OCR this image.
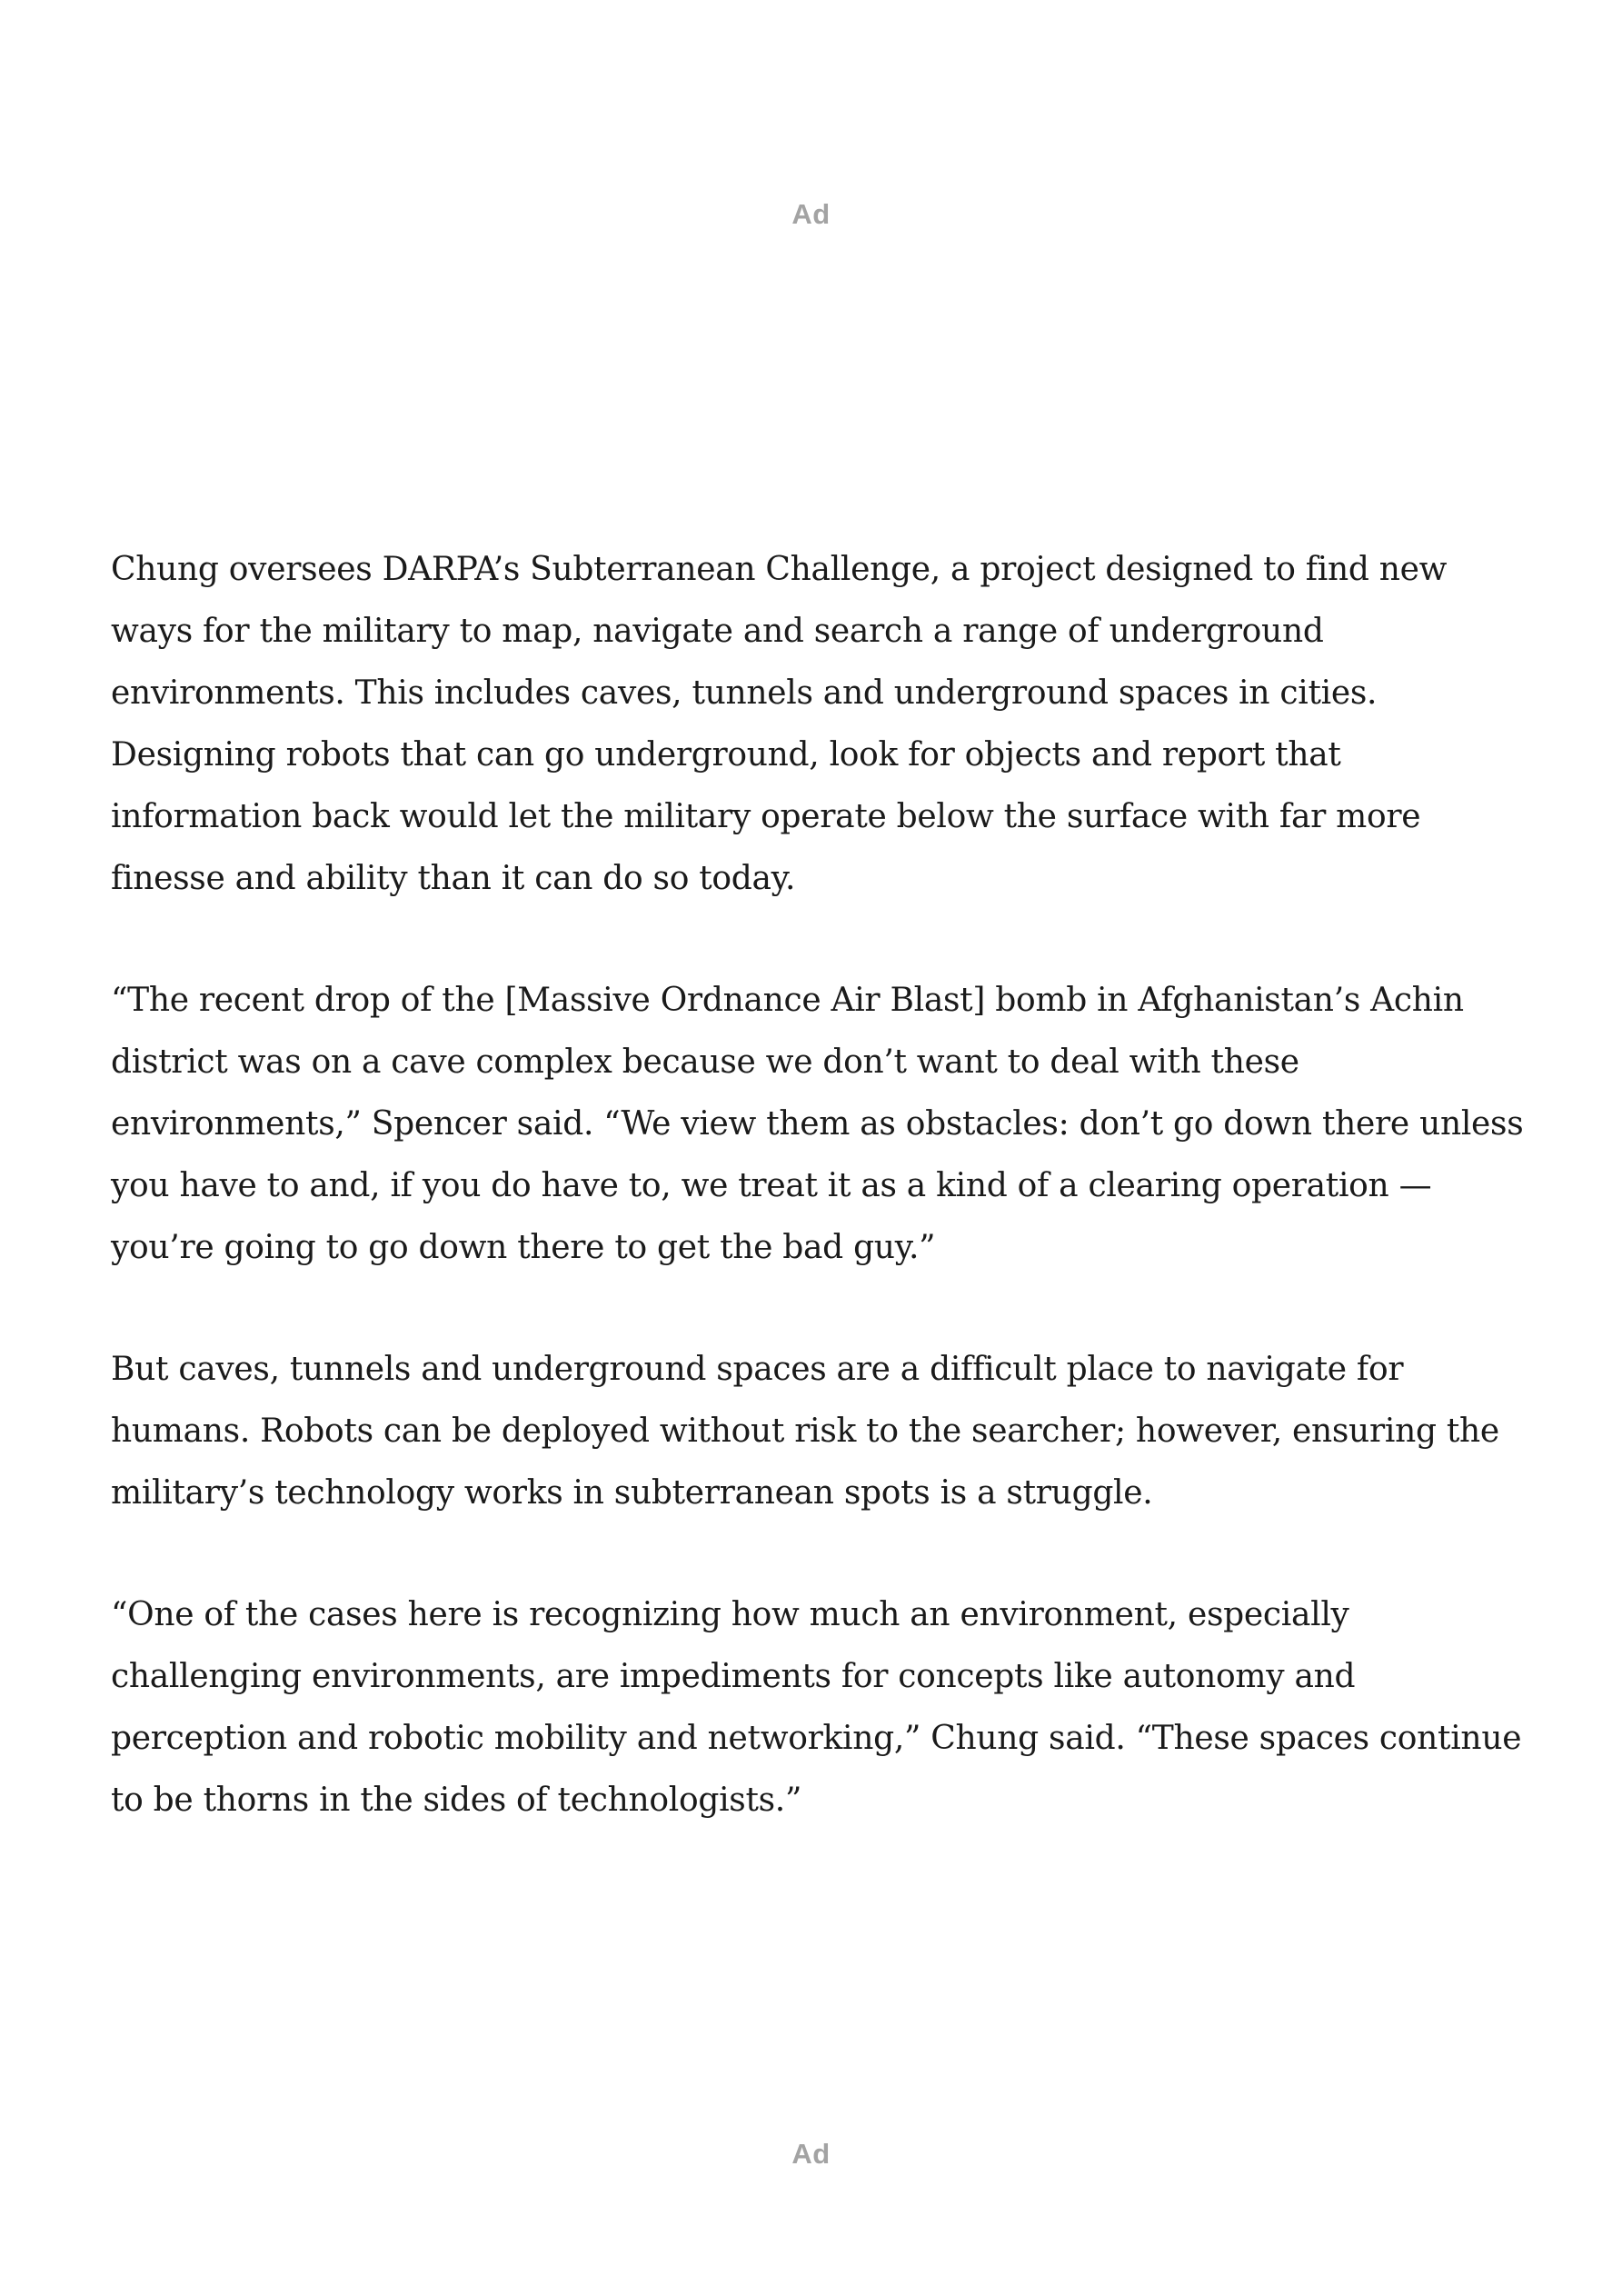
Ad

Chung oversees DARPA’s Subterranean Challenge, a project designed to find new ways for the military to map, navigate and search a range of underground environments. This includes caves, tunnels and underground spaces in cities. Designing robots that can go underground, look for objects and report that information back would let the military operate below the surface with far more finesse and ability than it can do so today.

“The recent drop of the [Massive Ordnance Air Blast] bomb in Afghanistan’s Achin district was on a cave complex because we don’t want to deal with these environments,” Spencer said. “We view them as obstacles: don’t go down there unless you have to and, if you do have to, we treat it as a kind of a clearing operation — you’re going to go down there to get the bad guy.”

But caves, tunnels and underground spaces are a difficult place to navigate for humans. Robots can be deployed without risk to the searcher; however, ensuring the military’s technology works in subterranean spots is a struggle.

“One of the cases here is recognizing how much an environment, especially challenging environments, are impediments for concepts like autonomy and perception and robotic mobility and networking,” Chung said. “These spaces continue to be thorns in the sides of technologists.”

Ad
